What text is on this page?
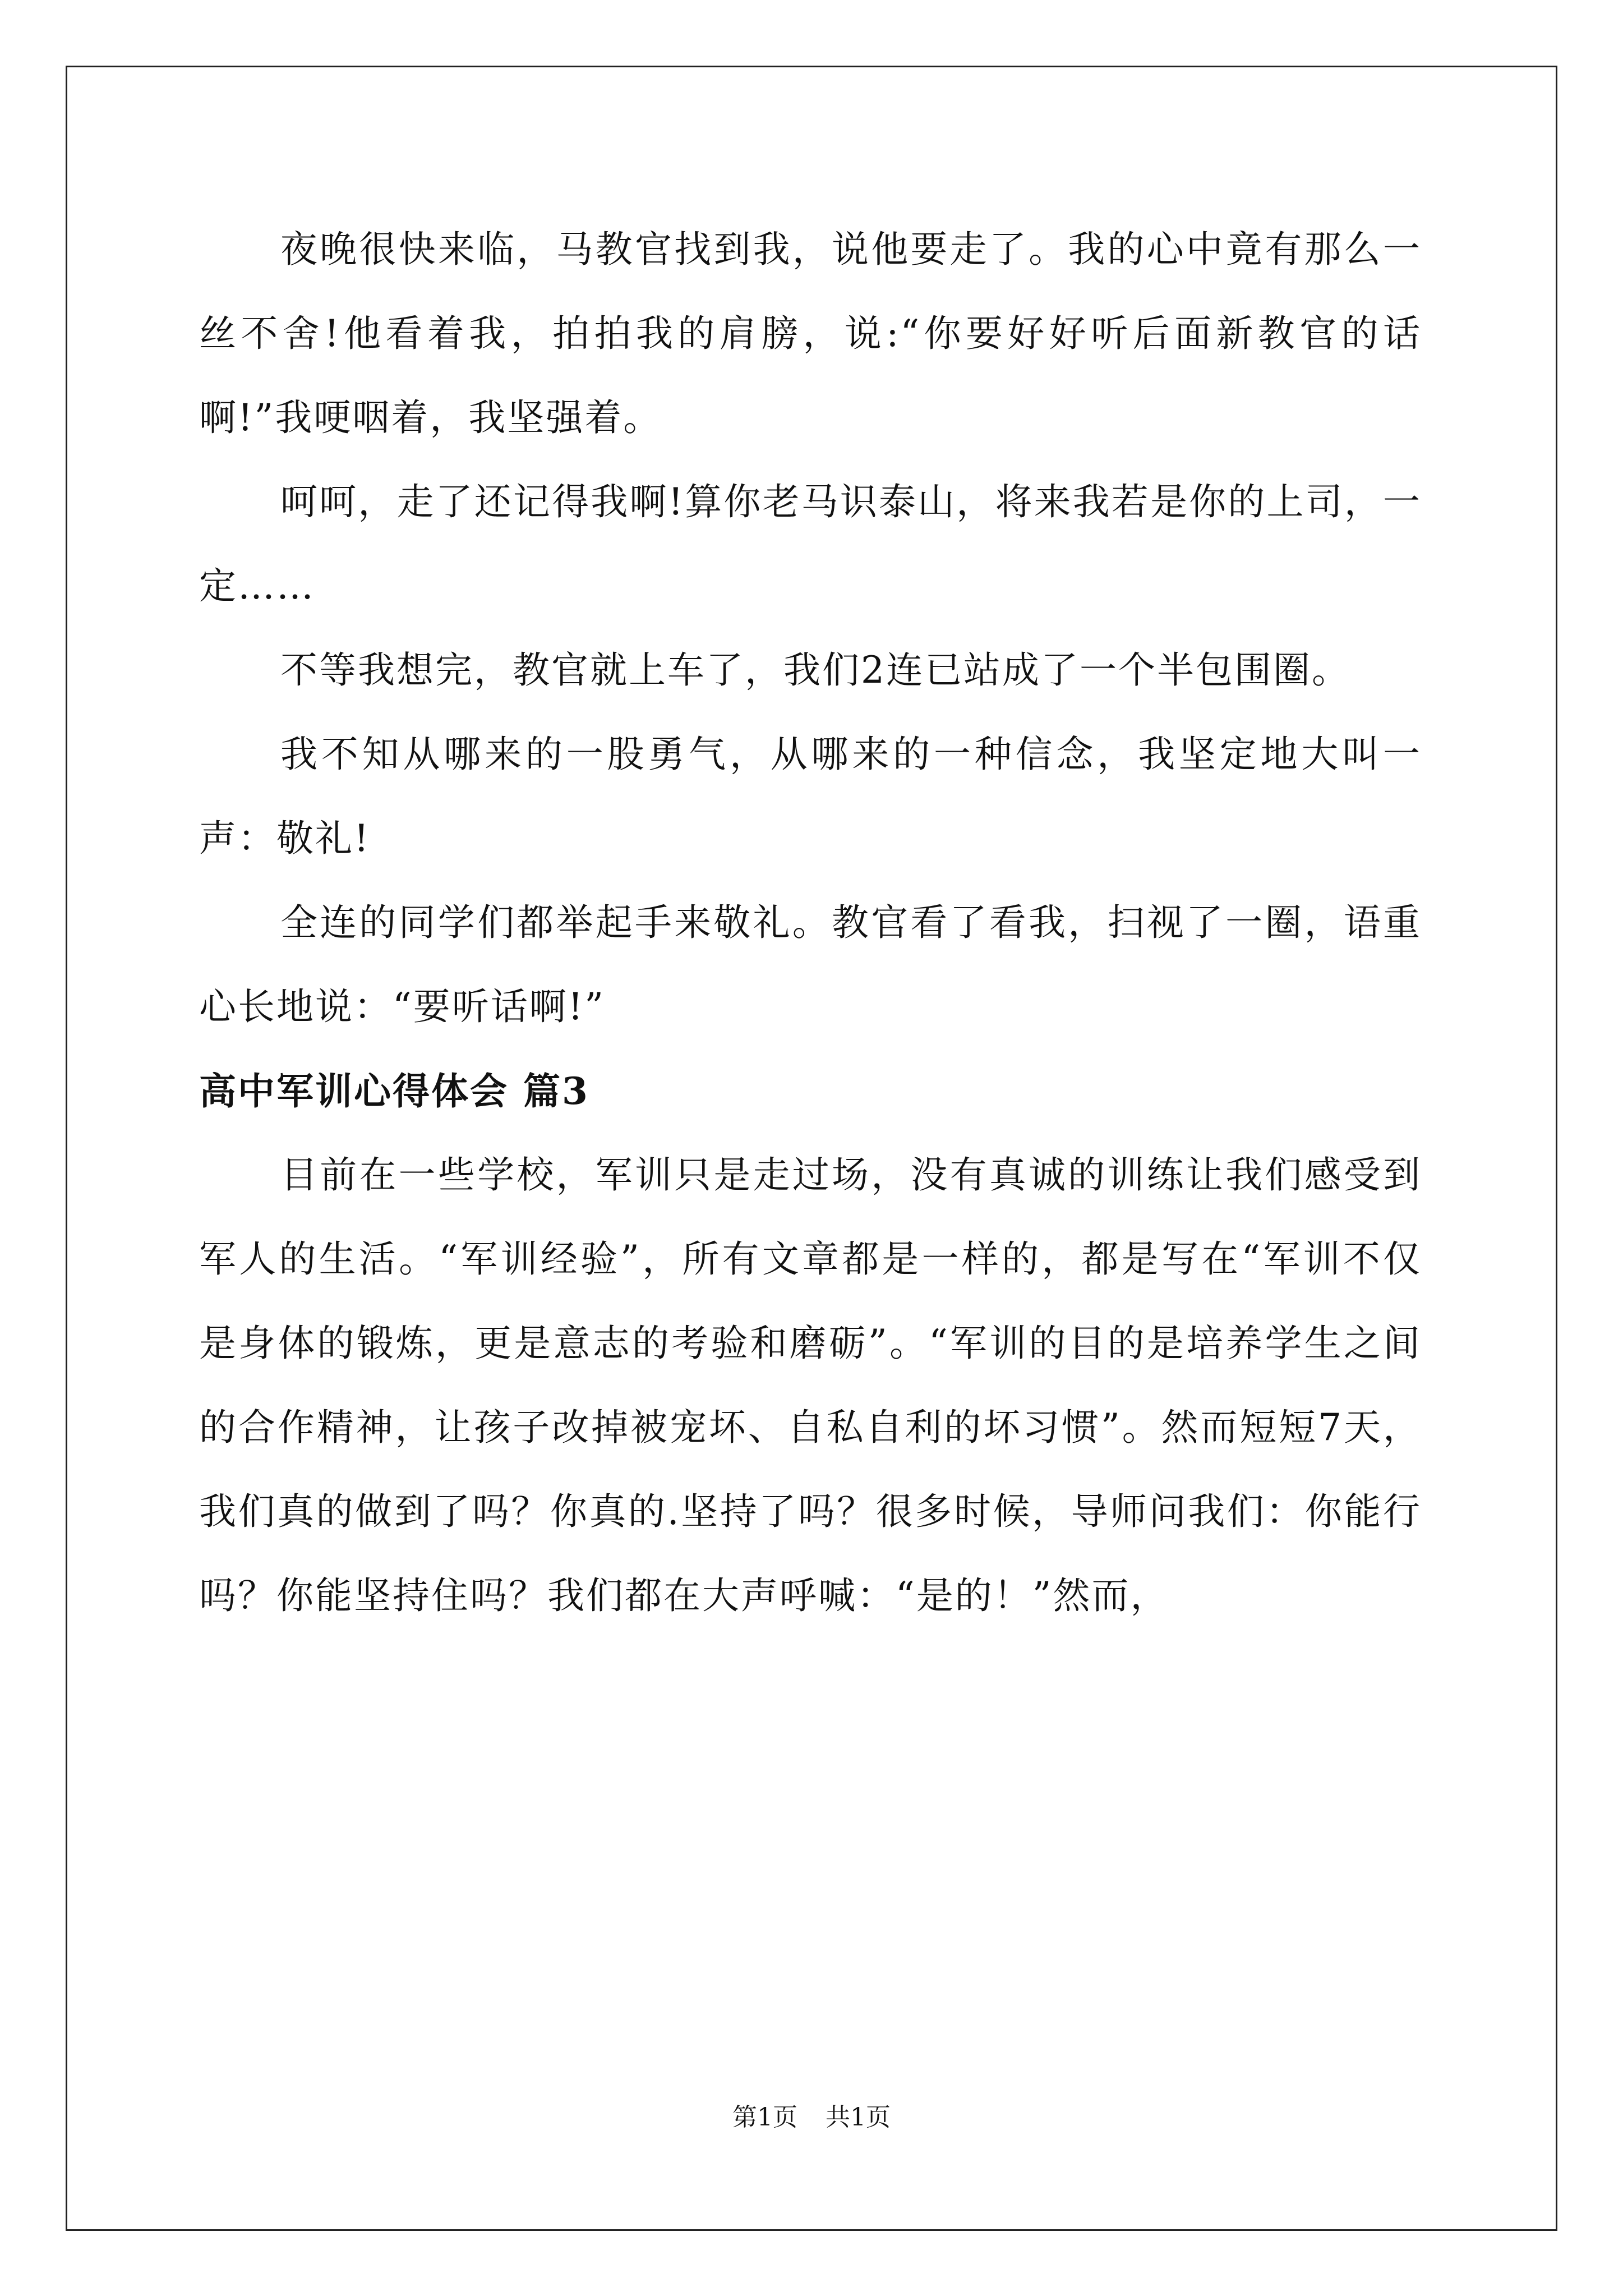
夜晚很快来临，马教官找到我，说他要走了。我的心中竟有那么一丝不舍!他看着我，拍拍我的肩膀，说:“你要好好听后面新教官的话啊!”我哽咽着，我坚强着。

呵呵，走了还记得我啊!算你老马识泰山，将来我若是你的上司，一定……

不等我想完，教官就上车了，我们2连已站成了一个半包围圈。

我不知从哪来的一股勇气，从哪来的一种信念，我坚定地大叫一声：敬礼!

全连的同学们都举起手来敬礼。教官看了看我，扫视了一圈，语重心长地说：“要听话啊!”

高中军训心得体会 篇3

目前在一些学校，军训只是走过场，没有真诚的训练让我们感受到军人的生活。“军训经验”，所有文章都是一样的，都是写在“军训不仅是身体的锻炼，更是意志的考验和磨砺”。“军训的目的是培养学生之间的合作精神，让孩子改掉被宠坏、自私自利的坏习惯”。然而短短7天，我们真的做到了吗？你真的.坚持了吗？很多时候，导师问我们：你能行吗？你能坚持住吗？我们都在大声呼喊：“是的！”然而，

第1页 共1页
